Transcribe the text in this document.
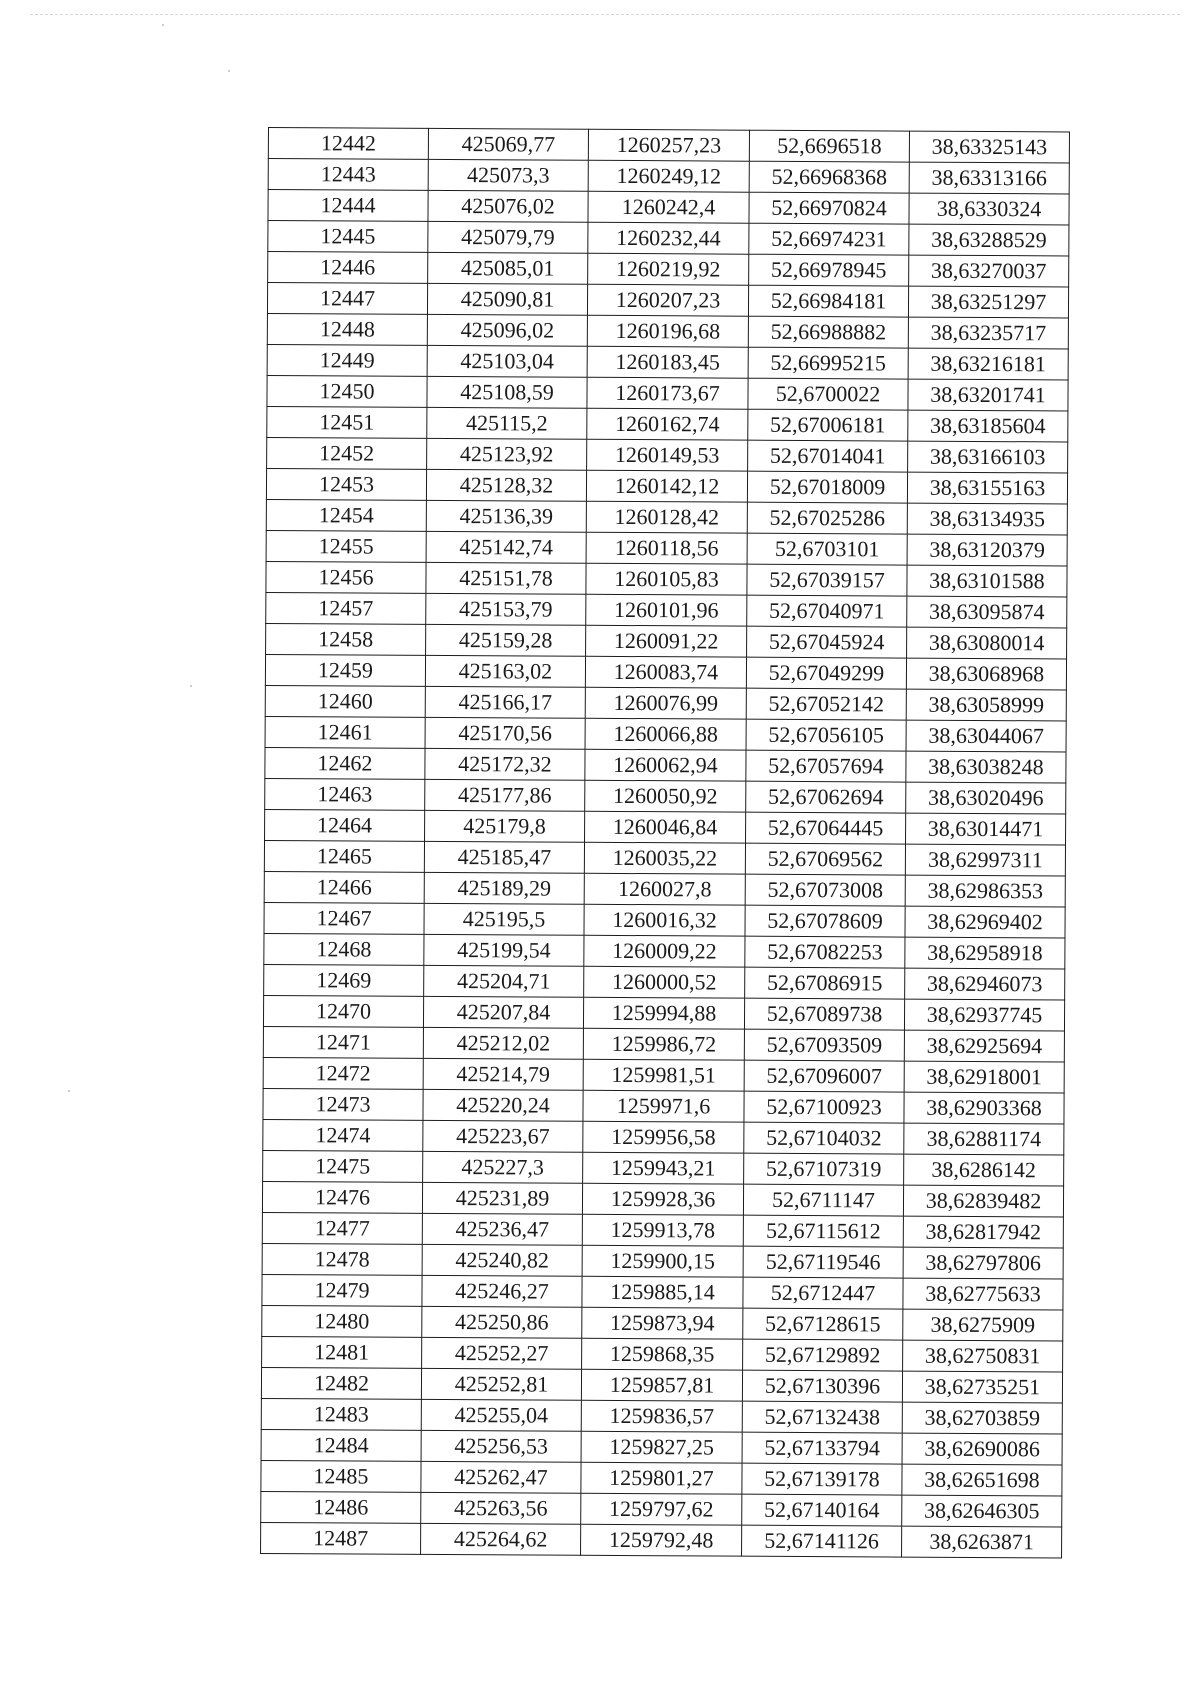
12442	425069,77	1260257,23	52,6696518	38,63325143
12443	425073,3	1260249,12	52,66968368	38,63313166
12444	425076,02	1260242,4	52,66970824	38,6330324
12445	425079,79	1260232,44	52,66974231	38,63288529
12446	425085,01	1260219,92	52,66978945	38,63270037
12447	425090,81	1260207,23	52,66984181	38,63251297
12448	425096,02	1260196,68	52,66988882	38,63235717
12449	425103,04	1260183,45	52,66995215	38,63216181
12450	425108,59	1260173,67	52,6700022	38,63201741
12451	425115,2	1260162,74	52,67006181	38,63185604
12452	425123,92	1260149,53	52,67014041	38,63166103
12453	425128,32	1260142,12	52,67018009	38,63155163
12454	425136,39	1260128,42	52,67025286	38,63134935
12455	425142,74	1260118,56	52,6703101	38,63120379
12456	425151,78	1260105,83	52,67039157	38,63101588
12457	425153,79	1260101,96	52,67040971	38,63095874
12458	425159,28	1260091,22	52,67045924	38,63080014
12459	425163,02	1260083,74	52,67049299	38,63068968
12460	425166,17	1260076,99	52,67052142	38,63058999
12461	425170,56	1260066,88	52,67056105	38,63044067
12462	425172,32	1260062,94	52,67057694	38,63038248
12463	425177,86	1260050,92	52,67062694	38,63020496
12464	425179,8	1260046,84	52,67064445	38,63014471
12465	425185,47	1260035,22	52,67069562	38,62997311
12466	425189,29	1260027,8	52,67073008	38,62986353
12467	425195,5	1260016,32	52,67078609	38,62969402
12468	425199,54	1260009,22	52,67082253	38,62958918
12469	425204,71	1260000,52	52,67086915	38,62946073
12470	425207,84	1259994,88	52,67089738	38,62937745
12471	425212,02	1259986,72	52,67093509	38,62925694
12472	425214,79	1259981,51	52,67096007	38,62918001
12473	425220,24	1259971,6	52,67100923	38,62903368
12474	425223,67	1259956,58	52,67104032	38,62881174
12475	425227,3	1259943,21	52,67107319	38,6286142
12476	425231,89	1259928,36	52,6711147	38,62839482
12477	425236,47	1259913,78	52,67115612	38,62817942
12478	425240,82	1259900,15	52,67119546	38,62797806
12479	425246,27	1259885,14	52,6712447	38,62775633
12480	425250,86	1259873,94	52,67128615	38,6275909
12481	425252,27	1259868,35	52,67129892	38,62750831
12482	425252,81	1259857,81	52,67130396	38,62735251
12483	425255,04	1259836,57	52,67132438	38,62703859
12484	425256,53	1259827,25	52,67133794	38,62690086
12485	425262,47	1259801,27	52,67139178	38,62651698
12486	425263,56	1259797,62	52,67140164	38,62646305
12487	425264,62	1259792,48	52,67141126	38,6263871
